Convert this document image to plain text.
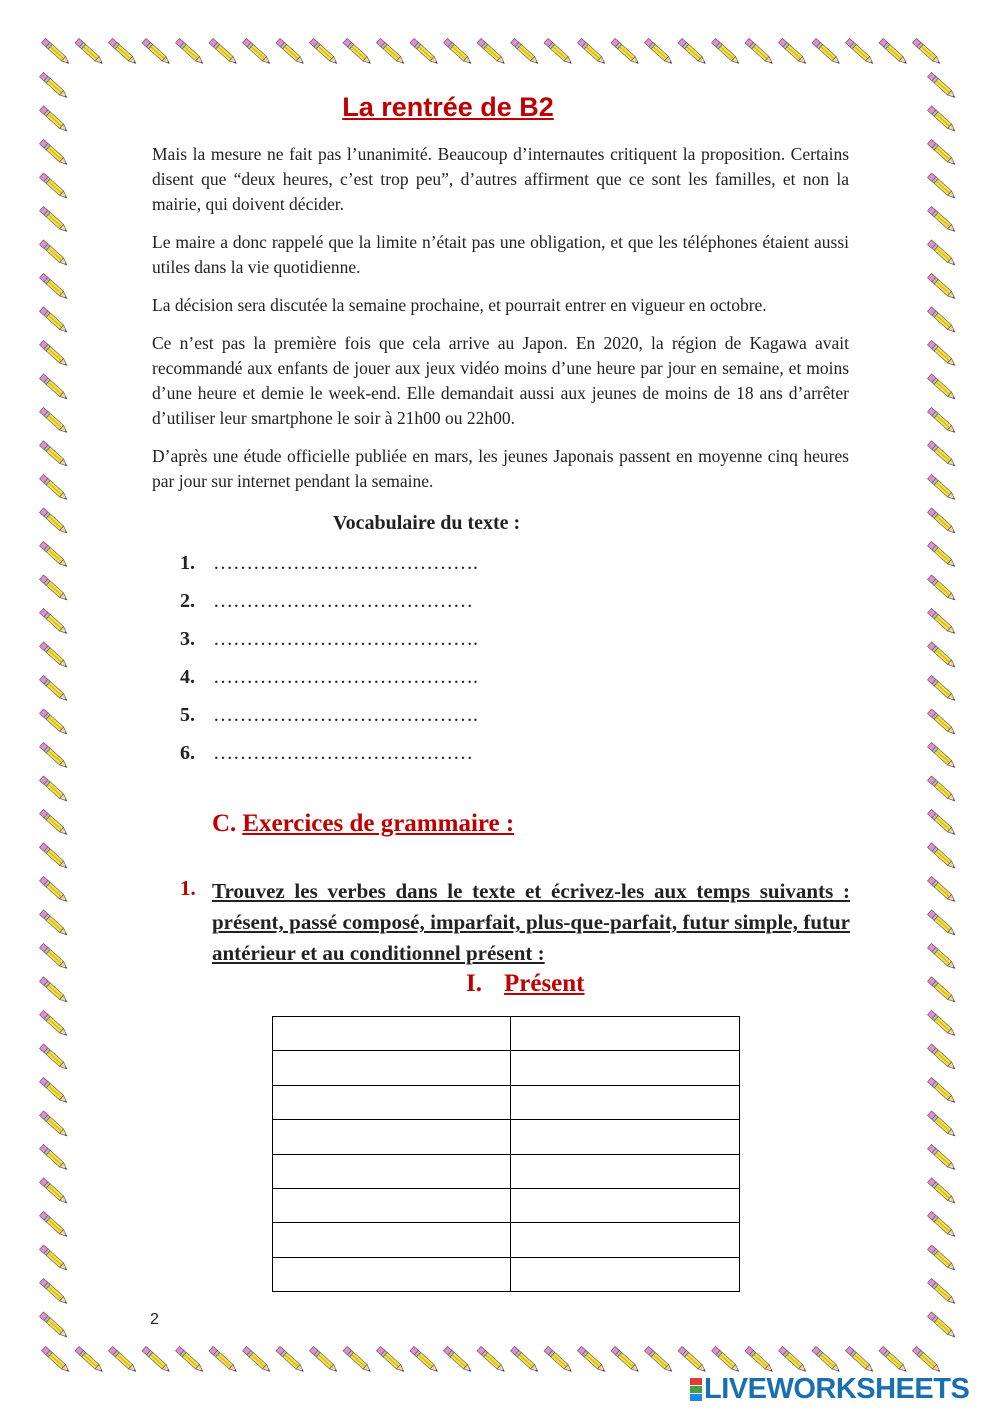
La rentrée de B2

Mais la mesure ne fait pas l’unanimité. Beaucoup d’internautes critiquent la proposition. Certains disent que “deux heures, c’est trop peu”, d’autres affirment que ce sont les familles, et non la mairie, qui doivent décider.

Le maire a donc rappelé que la limite n’était pas une obligation, et que les téléphones étaient aussi utiles dans la vie quotidienne.

La décision sera discutée la semaine prochaine, et pourrait entrer en vigueur en octobre.

Ce n’est pas la première fois que cela arrive au Japon. En 2020, la région de Kagawa avait recommandé aux enfants de jouer aux jeux vidéo moins d’une heure par jour en semaine, et moins d’une heure et demie le week-end. Elle demandait aussi aux jeunes de moins de 18 ans d’arrêter d’utiliser leur smartphone le soir à 21h00 ou 22h00.

D’après une étude officielle publiée en mars, les jeunes Japonais passent en moyenne cinq heures par jour sur internet pendant la semaine.

Vocabulaire du texte :
1. ………………………………….
2. …………………………………
3. ………………………………….
4. ………………………………….
5. ………………………………….
6. …………………………………
C. Exercices de grammaire :
1. Trouvez les verbes dans le texte et écrivez-les aux temps suivants : présent, passé composé, imparfait, plus-que-parfait, futur simple, futur antérieur et au conditionnel présent :

I. Présent

2

LIVEWORKSHEETS
